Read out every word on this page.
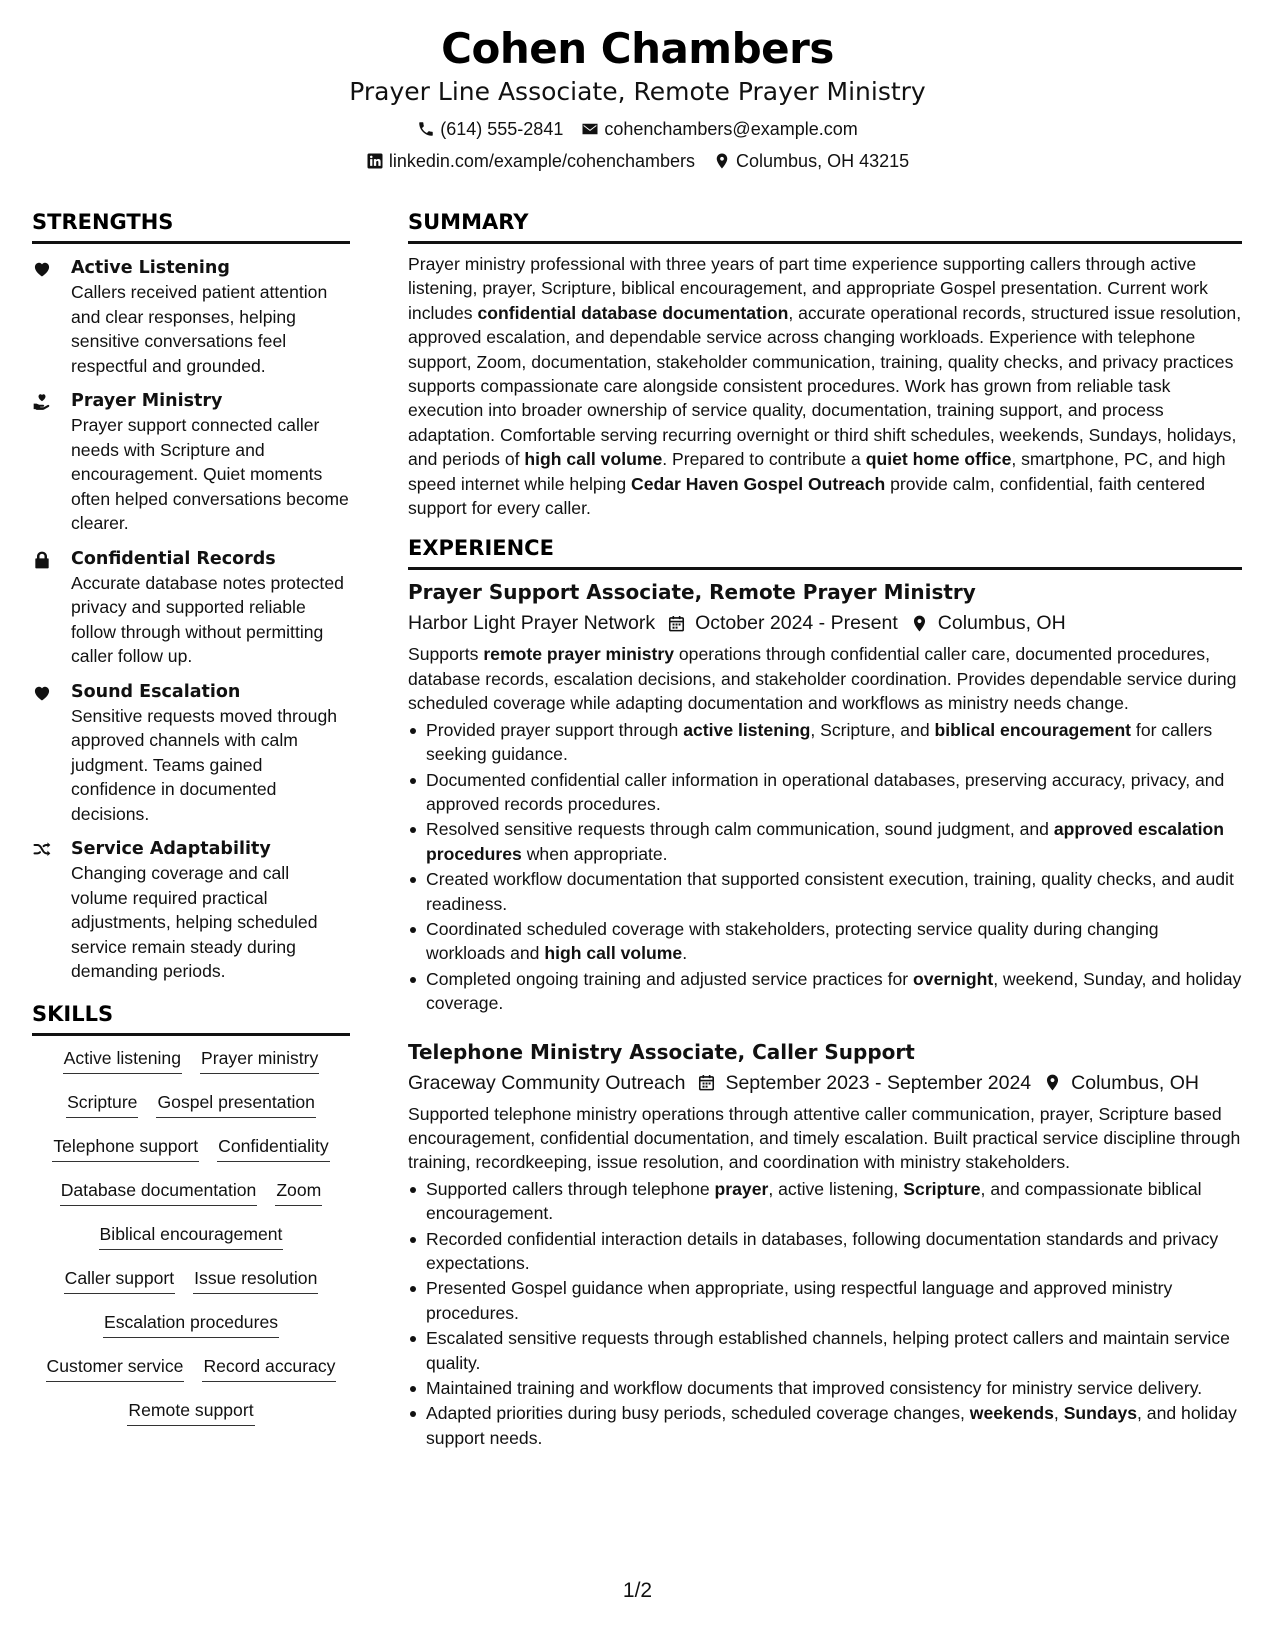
Cohen Chambers
Prayer Line Associate, Remote Prayer Ministry
(614) 555-2841 cohenchambers@example.com
linkedin.com/example/cohenchambers Columbus, OH 43215
STRENGTHS
Active Listening
Callers received patient attention and clear responses, helping sensitive conversations feel respectful and grounded.
Prayer Ministry
Prayer support connected caller needs with Scripture and encouragement. Quiet moments often helped conversations become clearer.
Confidential Records
Accurate database notes protected privacy and supported reliable follow through without permitting caller follow up.
Sound Escalation
Sensitive requests moved through approved channels with calm judgment. Teams gained confidence in documented decisions.
Service Adaptability
Changing coverage and call volume required practical adjustments, helping scheduled service remain steady during demanding periods.
SKILLS
Active listening Prayer ministry
Scripture Gospel presentation
Telephone support Confidentiality
Database documentation Zoom
Biblical encouragement
Caller support Issue resolution
Escalation procedures
Customer service Record accuracy
Remote support
SUMMARY
Prayer ministry professional with three years of part time experience supporting callers through active listening, prayer, Scripture, biblical encouragement, and appropriate Gospel presentation. Current work includes confidential database documentation, accurate operational records, structured issue resolution, approved escalation, and dependable service across changing workloads. Experience with telephone support, Zoom, documentation, stakeholder communication, training, quality checks, and privacy practices supports compassionate care alongside consistent procedures. Work has grown from reliable task execution into broader ownership of service quality, documentation, training support, and process adaptation. Comfortable serving recurring overnight or third shift schedules, weekends, Sundays, holidays, and periods of high call volume. Prepared to contribute a quiet home office, smartphone, PC, and high speed internet while helping Cedar Haven Gospel Outreach provide calm, confidential, faith centered support for every caller.
EXPERIENCE
Prayer Support Associate, Remote Prayer Ministry
Harbor Light Prayer Network October 2024 - Present Columbus, OH
Supports remote prayer ministry operations through confidential caller care, documented procedures, database records, escalation decisions, and stakeholder coordination. Provides dependable service during scheduled coverage while adapting documentation and workflows as ministry needs change.
Provided prayer support through active listening, Scripture, and biblical encouragement for callers seeking guidance.
Documented confidential caller information in operational databases, preserving accuracy, privacy, and approved records procedures.
Resolved sensitive requests through calm communication, sound judgment, and approved escalation procedures when appropriate.
Created workflow documentation that supported consistent execution, training, quality checks, and audit readiness.
Coordinated scheduled coverage with stakeholders, protecting service quality during changing workloads and high call volume.
Completed ongoing training and adjusted service practices for overnight, weekend, Sunday, and holiday coverage.
Telephone Ministry Associate, Caller Support
Graceway Community Outreach September 2023 - September 2024 Columbus, OH
Supported telephone ministry operations through attentive caller communication, prayer, Scripture based encouragement, confidential documentation, and timely escalation. Built practical service discipline through training, recordkeeping, issue resolution, and coordination with ministry stakeholders.
Supported callers through telephone prayer, active listening, Scripture, and compassionate biblical encouragement.
Recorded confidential interaction details in databases, following documentation standards and privacy expectations.
Presented Gospel guidance when appropriate, using respectful language and approved ministry procedures.
Escalated sensitive requests through established channels, helping protect callers and maintain service quality.
Maintained training and workflow documents that improved consistency for ministry service delivery.
Adapted priorities during busy periods, scheduled coverage changes, weekends, Sundays, and holiday support needs.
1/2
